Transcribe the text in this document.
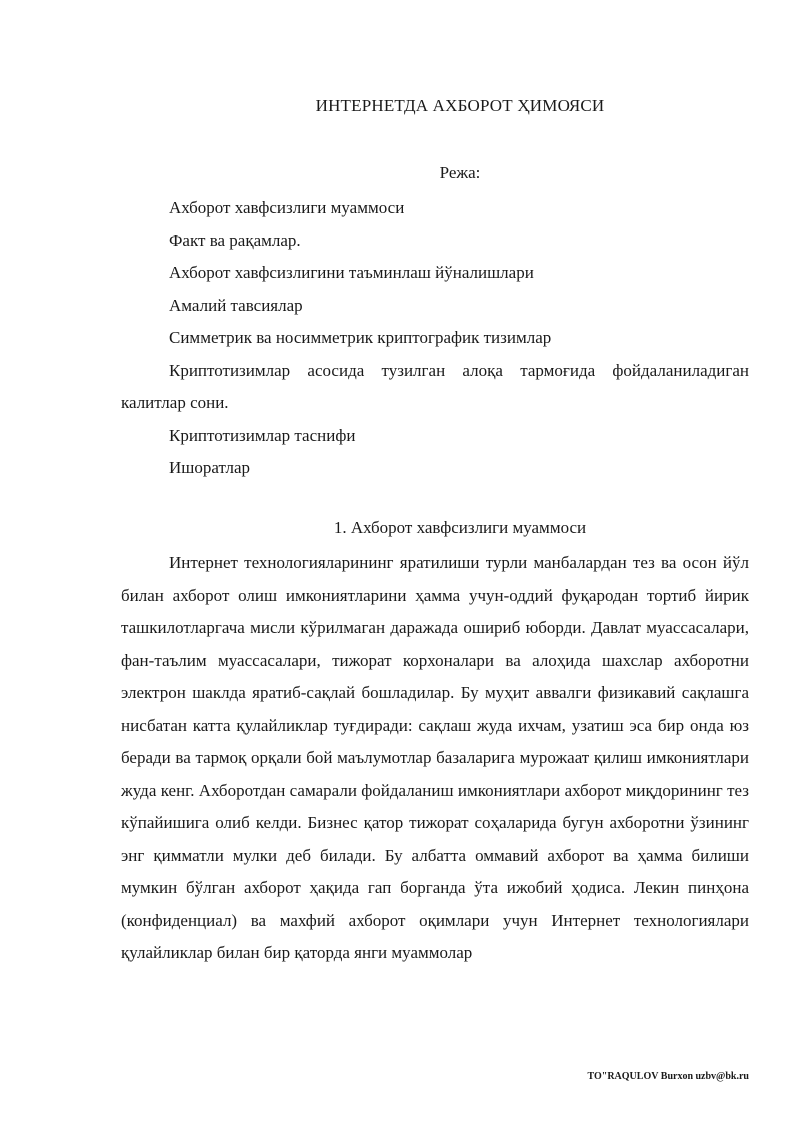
ИНТЕРНЕТДА АХБОРОТ ҲИМОЯСИ
Режа:

Ахборот хавфсизлиги муаммоси

Факт ва рақамлар.

Ахборот хавфсизлигини таъминлаш йўналишлари

Амалий тавсиялар

Симметрик ва носимметрик криптографик тизимлар

Криптотизимлар асосида тузилган алоқа тармоғида фойдаланиладиган калитлар сони.

Криптотизимлар таснифи

Ишоратлар

1. Ахборот хавфсизлиги муаммоси

Интернет технологияларининг яратилиши турли манбалардан тез ва осон йўл билан ахборот олиш имкониятларини ҳамма учун-оддий фуқародан тортиб йирик ташкилотларгача мисли кўрилмаган даражада ошириб юборди. Давлат муассасалари, фан-таълим муассасалари, тижорат корхоналари ва алоҳида шахслар ахборотни электрон шаклда яратиб-сақлай бошладилар. Бу муҳит аввалги физикавий сақлашга нисбатан катта қулайликлар туғдиради: сақлаш жуда ихчам, узатиш эса бир онда юз беради ва тармоқ орқали бой маълумотлар базаларига мурожаат қилиш имкониятлари жуда кенг. Ахборотдан самарали фойдаланиш имкониятлари ахборот миқдорининг тез кўпайишига олиб келди. Бизнес қатор тижорат соҳаларида бугун ахборотни ўзининг энг қимматли мулки деб билади. Бу албатта оммавий ахборот ва ҳамма билиши мумкин бўлган ахборот ҳақида гап борганда ўта ижобий ҳодиса. Лекин пинҳона (конфиденциал) ва махфий ахборот оқимлари учун Интернет технологиялари қулайликлар билан бир қаторда янги муаммолар

TO"RAQULOV Burxon uzbv@bk.ru
